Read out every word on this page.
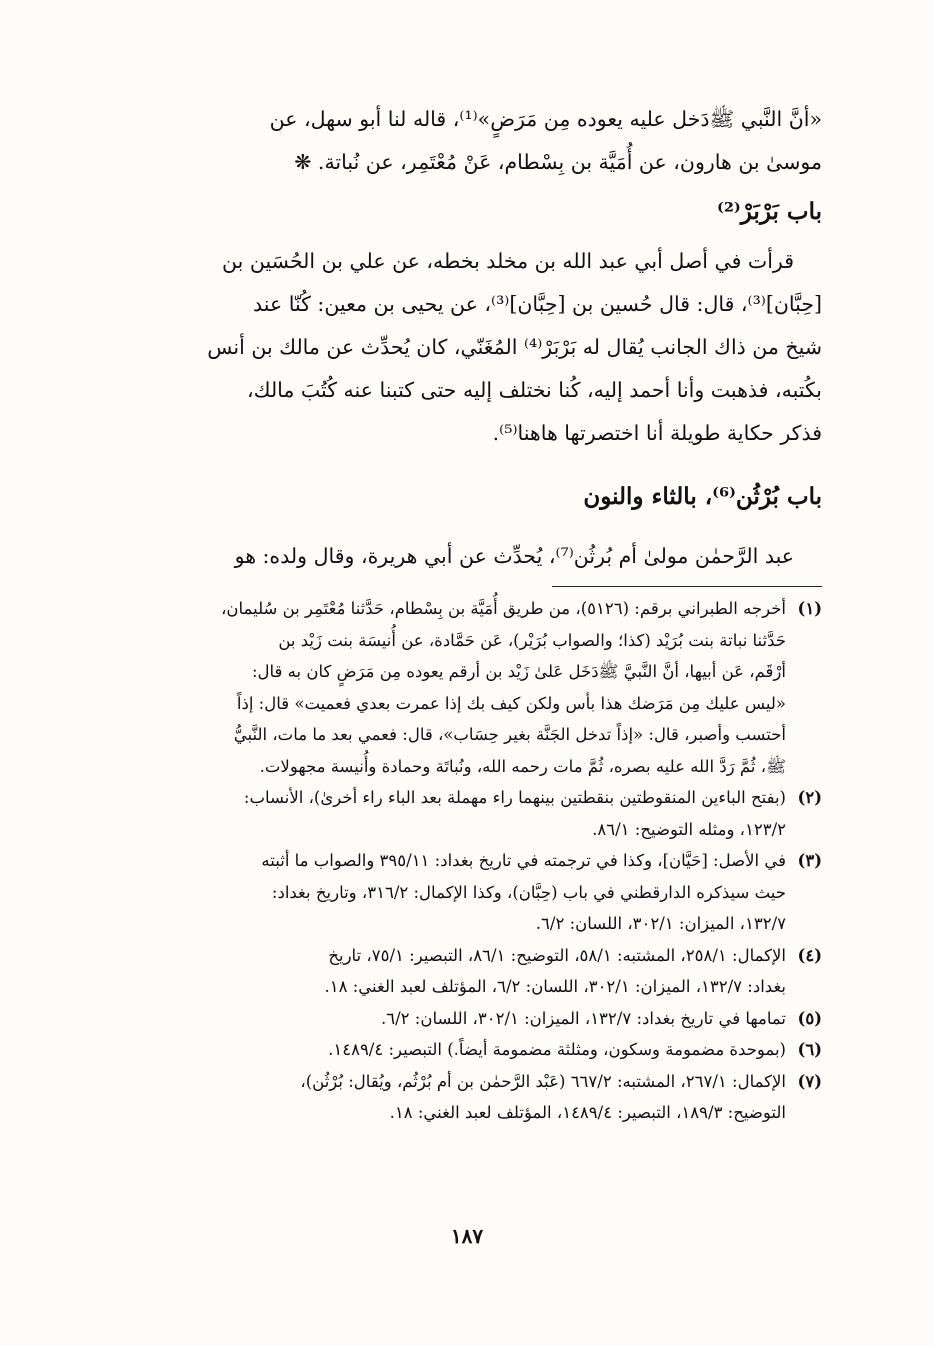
«أنَّ النَّبي ﷺدَخل عليه يعوده مِن مَرَضٍ»⁽¹⁾، قاله لنا أبو سهل، عن

موسىٰ بن هارون، عن أُمَيَّة بن بِسْطام، عَنْ مُعْتَمِر، عن نُباتة. ❋

باب بَرْبَرْ⁽²⁾

قرأت في أصل أبي عبد الله بن مخلد بخطه، عن علي بن الحُسَين بن

[حِبَّان]⁽³⁾، قال: قال حُسين بن [حِبَّان]⁽³⁾، عن يحيى بن معين: كُنّا عند

شيخ من ذاك الجانب يُقال له بَرْبَرْ⁽⁴⁾ المُغَنّي، كان يُحدِّث عن مالك بن أنس

بكُتبه، فذهبت وأنا أحمد إليه، كُنا نختلف إليه حتى كتبنا عنه كُتُبَ مالك،

فذكر حكاية طويلة أنا اختصرتها هاهنا⁽⁵⁾.

باب بُرْثُن⁽⁶⁾، بالثاء والنون

عبد الرَّحمٰن مولىٰ أم بُرثُن⁽⁷⁾، يُحدِّث عن أبي هريرة، وقال ولده: هو

(١)
أخرجه الطبراني برقم: (٥١٢٦)، من طريق أُمَيَّة بن بِسْطام، حَدَّثنا مُعْتَمِر بن سُليمان،
حَدَّثنا نباتة بنت بُرَيْد (كذا؛ والصواب بُرَيْر)، عَن حَمَّادة، عن أُنيسَة بنت زَيْد بن
أرْقَم، عَن أبيها، أنَّ النَّبيَّ ﷺدَخَل عَلىٰ زَيْد بن أرقم يعوده مِن مَرَضٍ كان به قال:
«ليس عليك مِن مَرَضك هذا بأس ولكن كيف بك إذا عمرت بعدي فعميت» قال: إذاً
أحتسب وأصبر، قال: «إذاً تدخل الجَنَّة بغير حِسَاب»، قال: فعمي بعد ما مات، النَّبيُّ
ﷺ، ثُمَّ رَدَّ الله عليه بصره، ثُمَّ مات رحمه الله، ونُباتَة وحمادة وأُنيسة مجهولات.
(٢)
(بفتح الباءين المنقوطتين بنقطتين بينهما راء مهملة بعد الباء راء أخرىٰ)، الأنساب:
١٢٣/٢، ومثله التوضيح: ٨٦/١.
(٣)
في الأصل: [حَيَّان]، وكذا في ترجمته في تاريخ بغداد: ٣٩٥/١١ والصواب ما أثبته
حيث سيذكره الدارقطني في باب (حِبَّان)، وكذا الإكمال: ٣١٦/٢، وتاريخ بغداد:
١٣٢/٧، الميزان: ٣٠٢/١، اللسان: ٦/٢.
(٤)
الإكمال: ٢٥٨/١، المشتبه: ٥٨/١، التوضيح: ٨٦/١، التبصير: ٧٥/١، تاريخ
بغداد: ١٣٢/٧، الميزان: ٣٠٢/١، اللسان: ٦/٢، المؤتلف لعبد الغني: ١٨.
(٥)
تمامها في تاريخ بغداد: ١٣٢/٧، الميزان: ٣٠٢/١، اللسان: ٦/٢.
(٦)
(بموحدة مضمومة وسكون، ومثلثة مضمومة أيضاً.) التبصير: ١٤٨٩/٤.
(٧)
الإكمال: ٢٦٧/١، المشتبه: ٦٦٧/٢ (عَبْد الرَّحمٰن بن أم بُرْثُم، ويُقال: بُرْثُن)،
التوضيح: ١٨٩/٣، التبصير: ١٤٨٩/٤، المؤتلف لعبد الغني: ١٨.
١٨٧
